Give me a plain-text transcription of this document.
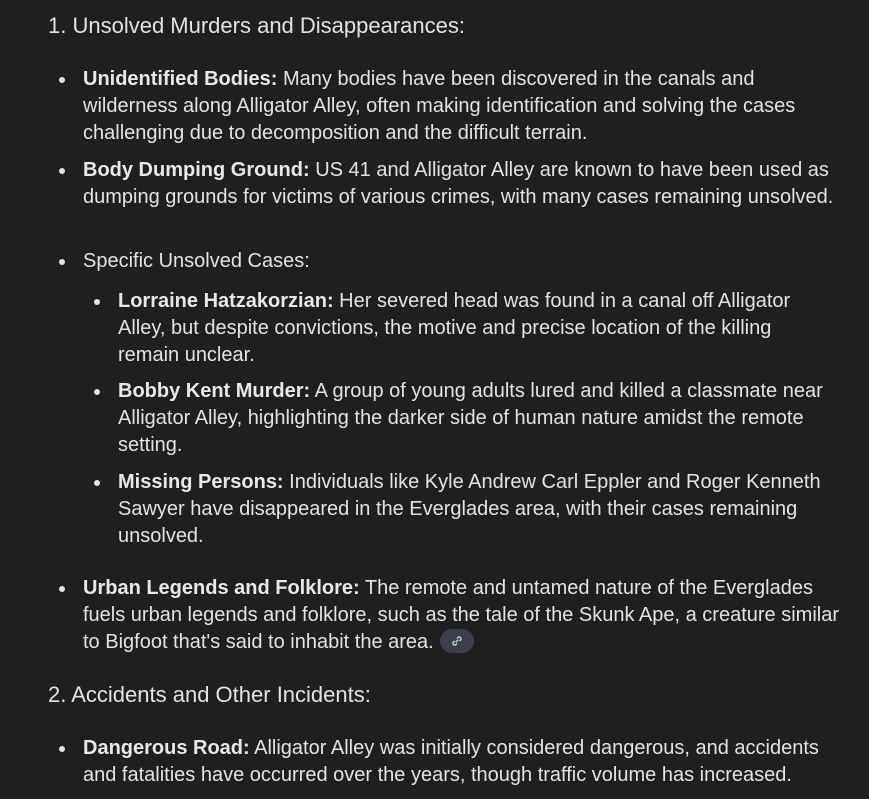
1. Unsolved Murders and Disappearances:
Unidentified Bodies: Many bodies have been discovered in the canals and wilderness along Alligator Alley, often making identification and solving the cases challenging due to decomposition and the difficult terrain.
Body Dumping Ground: US 41 and Alligator Alley are known to have been used as dumping grounds for victims of various crimes, with many cases remaining unsolved.
Specific Unsolved Cases:
Lorraine Hatzakorzian: Her severed head was found in a canal off Alligator Alley, but despite convictions, the motive and precise location of the killing remain unclear.
Bobby Kent Murder: A group of young adults lured and killed a classmate near Alligator Alley, highlighting the darker side of human nature amidst the remote setting.
Missing Persons: Individuals like Kyle Andrew Carl Eppler and Roger Kenneth Sawyer have disappeared in the Everglades area, with their cases remaining unsolved.
Urban Legends and Folklore: The remote and untamed nature of the Everglades fuels urban legends and folklore, such as the tale of the Skunk Ape, a creature similar to Bigfoot that's said to inhabit the area.
2. Accidents and Other Incidents:
Dangerous Road: Alligator Alley was initially considered dangerous, and accidents and fatalities have occurred over the years, though traffic volume has increased.
